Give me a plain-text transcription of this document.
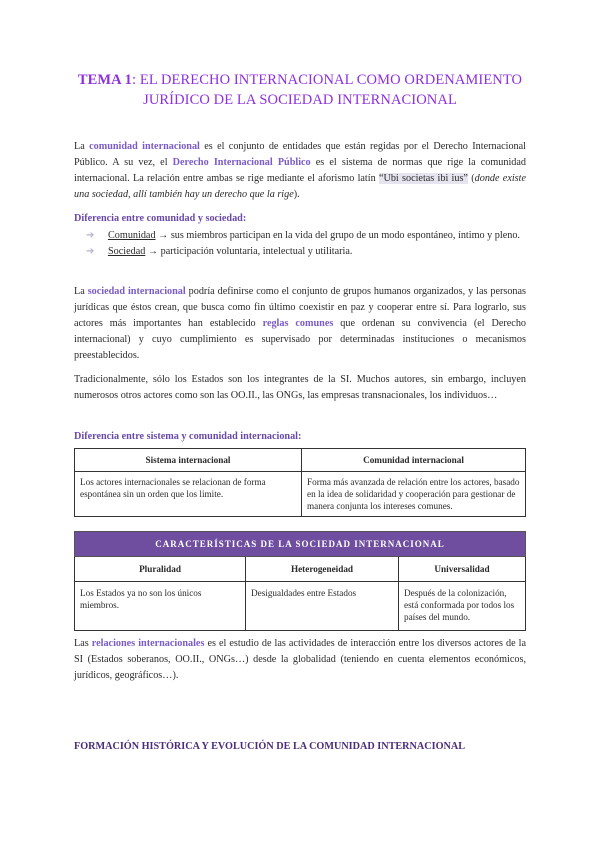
TEMA 1: EL DERECHO INTERNACIONAL COMO ORDENAMIENTO JURÍDICO DE LA SOCIEDAD INTERNACIONAL
La comunidad internacional es el conjunto de entidades que están regidas por el Derecho Internacional Público. A su vez, el Derecho Internacional Público es el sistema de normas que rige la comunidad internacional. La relación entre ambas se rige mediante el aforismo latín “Ubi societas ibi ius” (donde existe una sociedad, allí también hay un derecho que la rige).
Diferencia entre comunidad y sociedad:
➔ Comunidad → sus miembros participan en la vida del grupo de un modo espontáneo, íntimo y pleno.
➔ Sociedad → participación voluntaria, intelectual y utilitaria.
La sociedad internacional podría definirse como el conjunto de grupos humanos organizados, y las personas jurídicas que éstos crean, que busca como fin último coexistir en paz y cooperar entre sí. Para lograrlo, sus actores más importantes han establecido reglas comunes que ordenan su convivencia (el Derecho internacional) y cuyo cumplimiento es supervisado por determinadas instituciones o mecanismos preestablecidos.
Tradicionalmente, sólo los Estados son los integrantes de la SI. Muchos autores, sin embargo, incluyen numerosos otros actores como son las OO.II., las ONGs, las empresas transnacionales, los individuos…
Diferencia entre sistema y comunidad internacional:
Sistema internacional	Comunidad internacional
Los actores internacionales se relacionan de forma espontánea sin un orden que los limite.	Forma más avanzada de relación entre los actores, basado en la idea de solidaridad y cooperación para gestionar de manera conjunta los intereses comunes.
CARACTERÍSTICAS DE LA SOCIEDAD INTERNACIONAL		
Pluralidad	Heterogeneidad	Universalidad
Los Estados ya no son los únicos miembros.	Desigualdades entre Estados	Después de la colonización, está conformada por todos los países del mundo.
Las relaciones internacionales es el estudio de las actividades de interacción entre los diversos actores de la SI (Estados soberanos, OO.II., ONGs…) desde la globalidad (teniendo en cuenta elementos económicos, jurídicos, geográficos…).
FORMACIÓN HISTÓRICA Y EVOLUCIÓN DE LA COMUNIDAD INTERNACIONAL
